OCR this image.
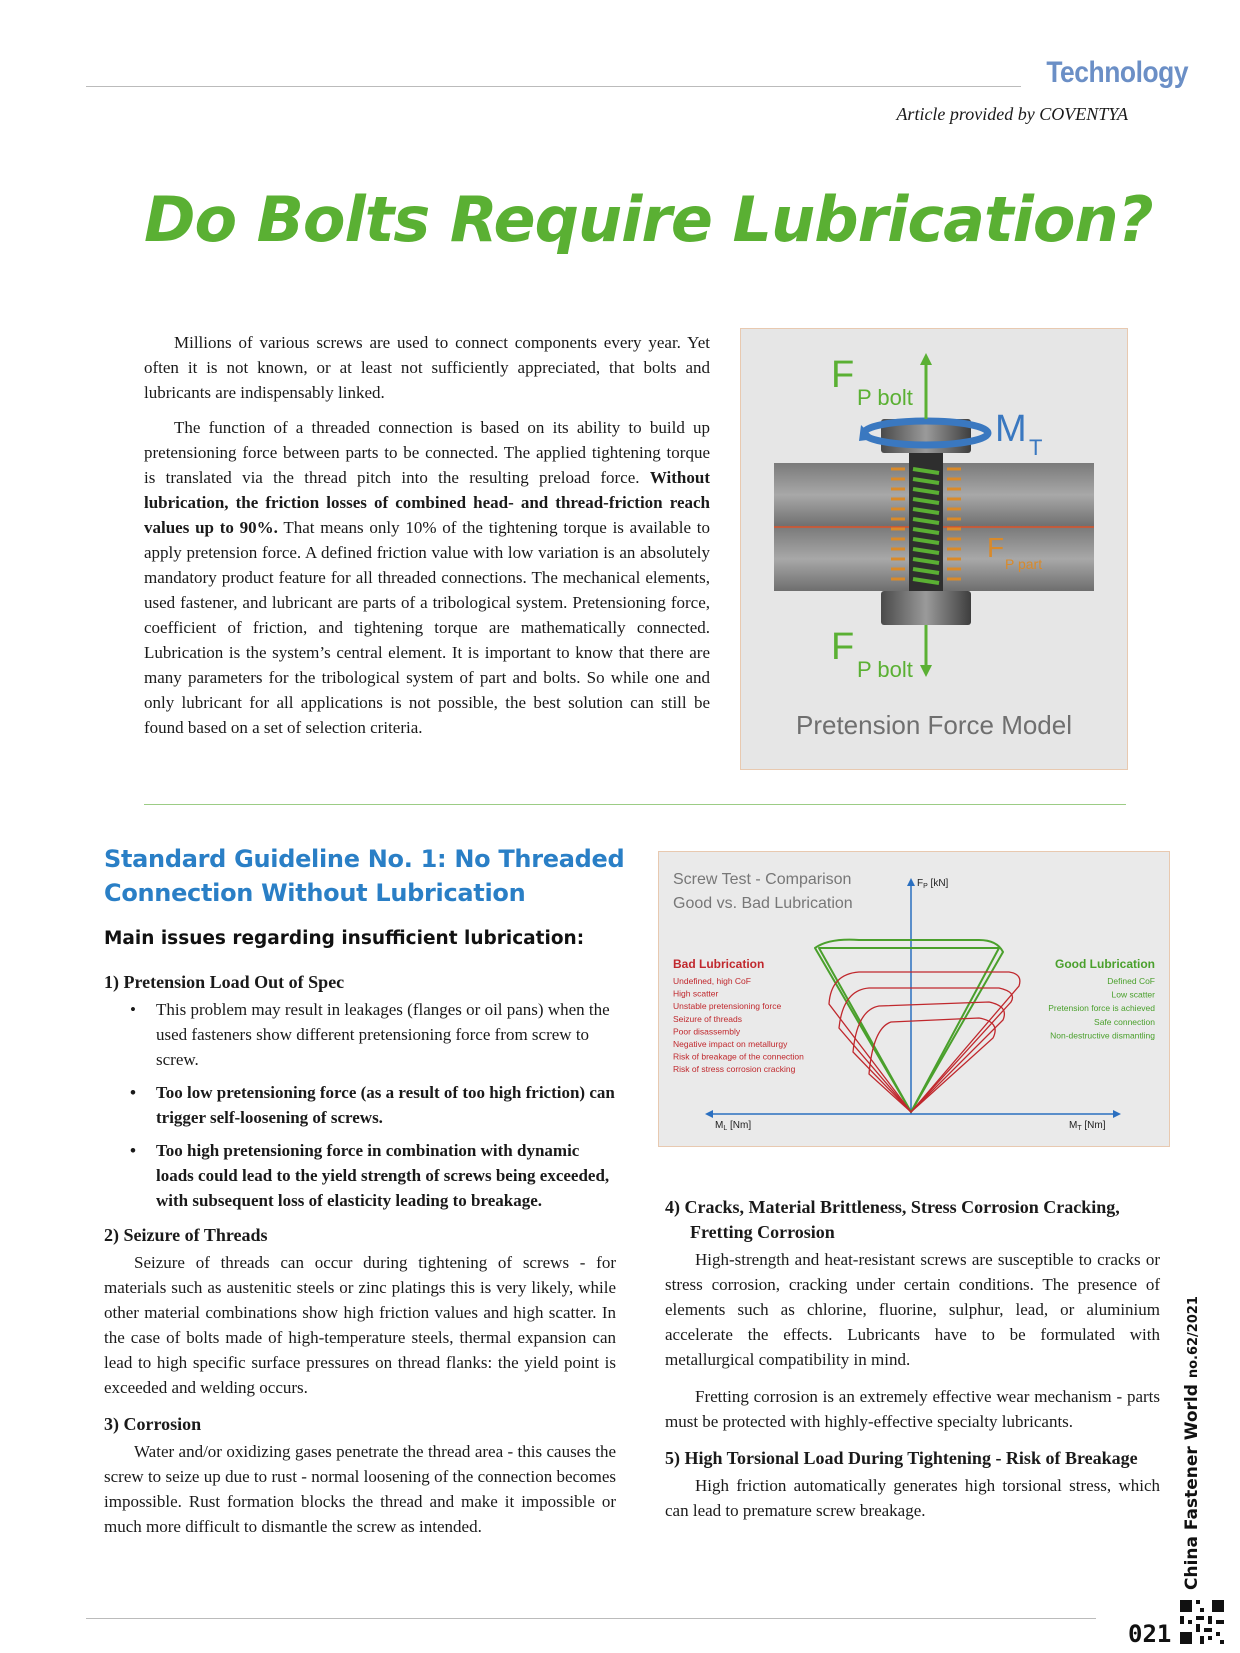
Technology
Article provided by COVENTYA
Do Bolts Require Lubrication?

Millions of various screws are used to connect components every year. Yet often it is not known, or at least not sufficiently appreciated, that bolts and lubricants are indispensably linked.

The function of a threaded connection is based on its ability to build up pretensioning force between parts to be connected. The applied tightening torque is translated via the thread pitch into the resulting preload force. Without lubrication, the friction losses of combined head- and thread-friction reach values up to 90%. That means only 10% of the tightening torque is available to apply pretension force. A defined friction value with low variation is an absolutely mandatory product feature for all threaded connections. The mechanical elements, used fastener, and lubricant are parts of a tribological system. Pretensioning force, coefficient of friction, and tightening torque are mathematically connected. Lubrication is the system’s central element. It is important to know that there are many parameters for the tribological system of part and bolts. So while one and only lubricant for all applications is not possible, the best solution can still be found based on a set of selection criteria.

F
P bolt
M T
F
P part
F
P bolt
Pretension Force Model
Standard Guideline No. 1: No Threaded
Connection Without Lubrication
Main issues regarding insufficient lubrication:
1) Pretension Load Out of Spec
• This problem may result in leakages (flanges or oil pans) when the used fasteners show different pretensioning force from screw to screw.
• Too low pretensioning force (as a result of too high friction) can trigger self-loosening of screws.
• Too high pretensioning force in combination with dynamic loads could lead to the yield strength of screws being exceeded, with subsequent loss of elasticity leading to breakage.
2) Seizure of Threads

Seizure of threads can occur during tightening of screws - for materials such as austenitic steels or zinc platings this is very likely, while other material combinations show high friction values and high scatter. In the case of bolts made of high-temperature steels, thermal expansion can lead to high specific surface pressures on thread flanks: the yield point is exceeded and welding occurs.

3) Corrosion

Water and/or oxidizing gases penetrate the thread area - this causes the screw to seize up due to rust - normal loosening of the connection becomes impossible. Rust formation blocks the thread and make it impossible or much more difficult to dismantle the screw as intended.

Screw Test - Comparison
Good vs. Bad Lubrication
$F_P$ [kN]
$M_L$ [Nm]	$M_T$ [Nm]
Bad Lubrication
Undefined, high CoF
High scatter
Unstable pretensioning force
Seizure of threads
Poor disassembly
Negative impact on metallurgy
Risk of breakage of the connection
Risk of stress corrosion cracking
Good Lubrication
Defined CoF
Low scatter
Pretension force is achieved
Safe connection
Non-destructive dismantling
4) Cracks, Material Brittleness, Stress Corrosion Cracking, Fretting Corrosion

High-strength and heat-resistant screws are susceptible to cracks or stress corrosion, cracking under certain conditions. The presence of elements such as chlorine, fluorine, sulphur, lead, or aluminium accelerate the effects. Lubricants have to be formulated with metallurgical compatibility in mind.

Fretting corrosion is an extremely effective wear mechanism - parts must be protected with highly-effective specialty lubricants.

5) High Torsional Load During Tightening - Risk of Breakage

High friction automatically generates high torsional stress, which can lead to premature screw breakage.	China Fastener World no.62/2021
021
